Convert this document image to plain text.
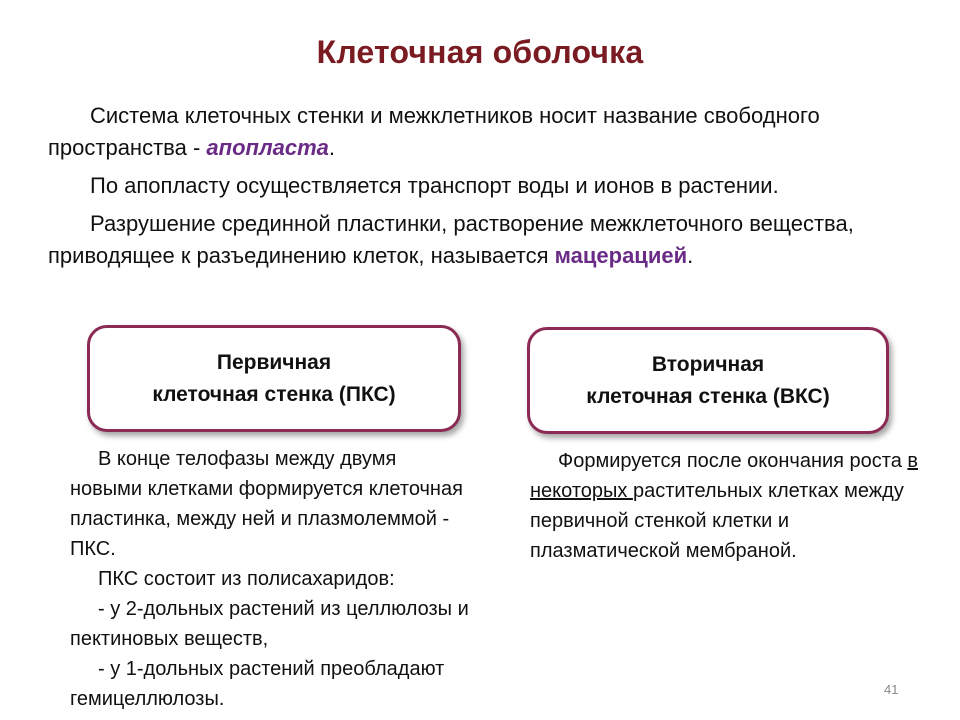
Клеточная оболочка

Система клеточных стенки и межклетников носит название свободного пространства - апопласта.

По апопласту осуществляется транспорт воды и ионов в растении.

Разрушение срединной пластинки, растворение межклеточного вещества, приводящее к разъединению клеток, называется мацерацией.

Первичная
клеточная стенка (ПКС)
Вторичная
клеточная стенка (ВКС)

В конце телофазы между двумя новыми клетками формируется клеточная пластинка, между ней и плазмолеммой - ПКС.

ПКС состоит из полисахаридов:

- у 2-дольных растений из целлюлозы и пектиновых веществ,

- у 1-дольных растений преобладают гемицеллюлозы.

Формируется после окончания роста в некоторых растительных клетках между первичной стенкой клетки и плазматической мембраной.

41
